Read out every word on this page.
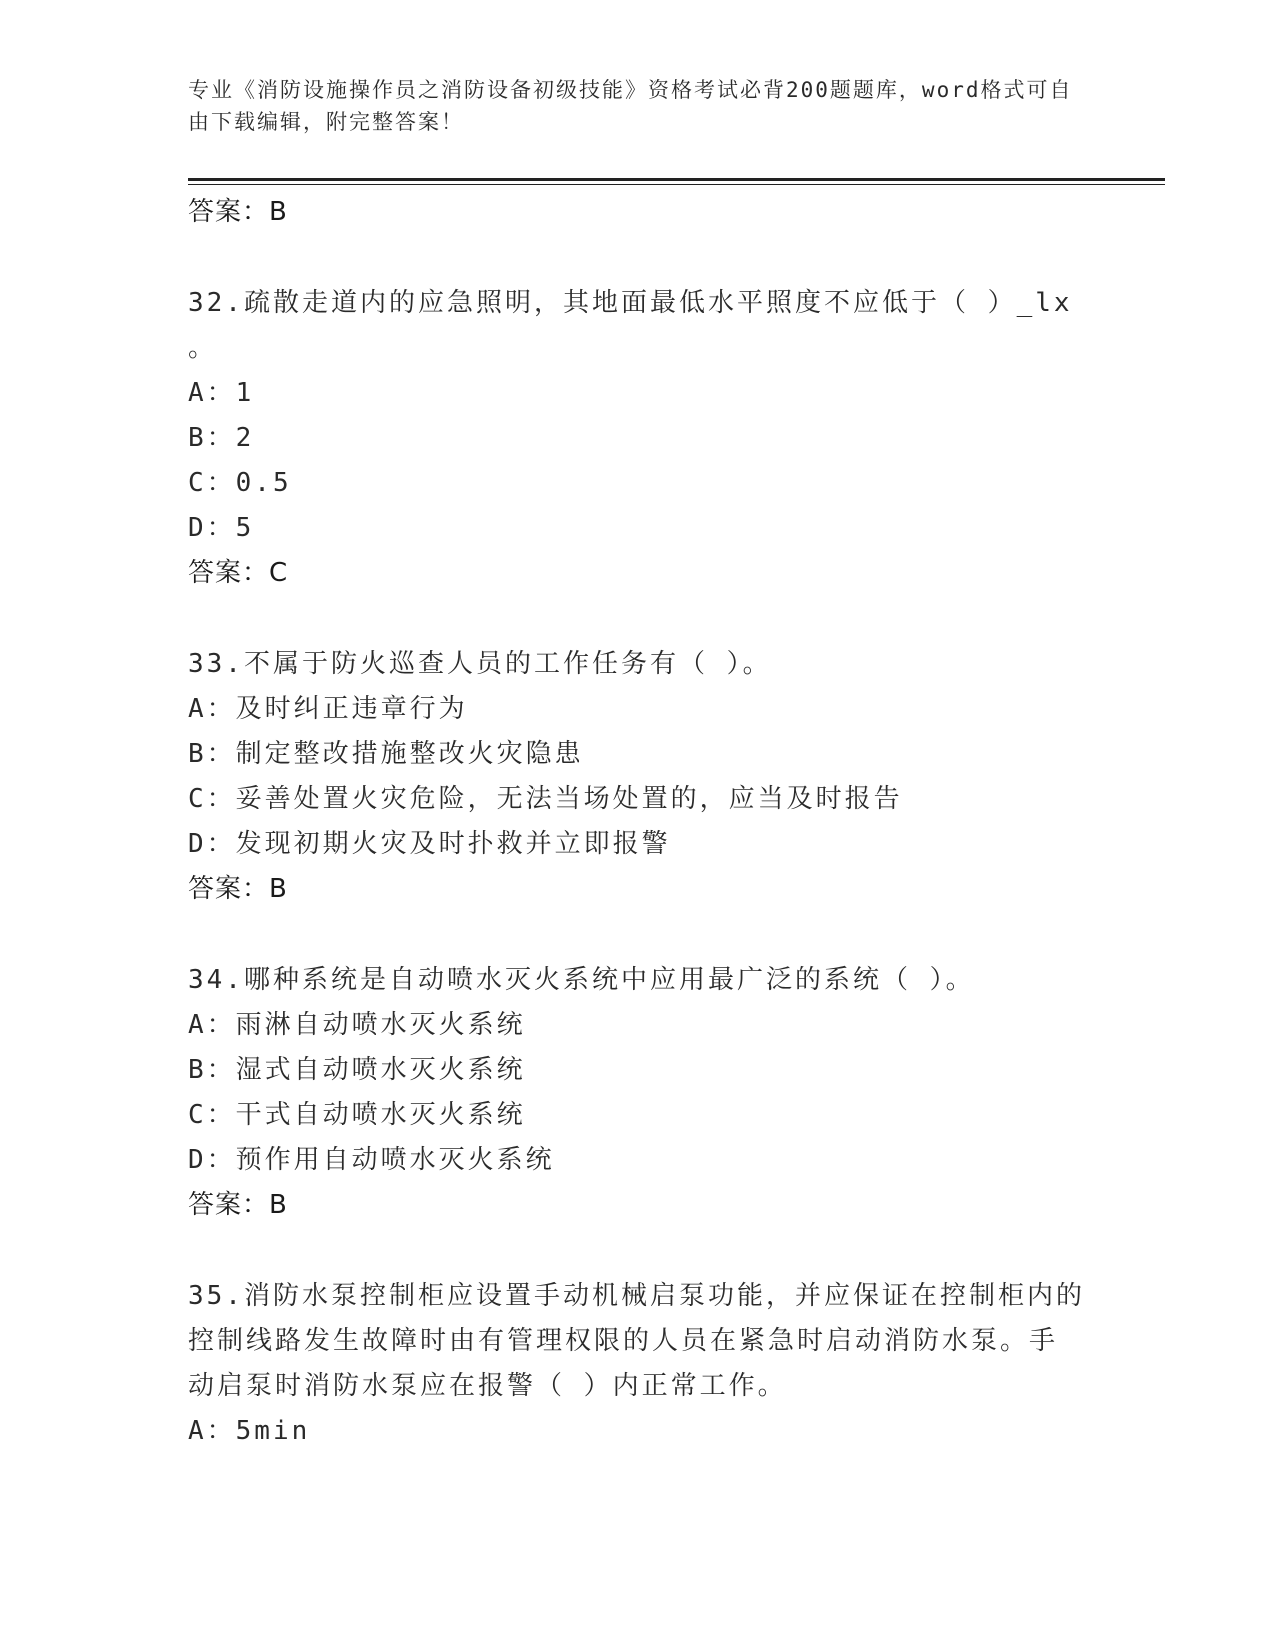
专业《消防设施操作员之消防设备初级技能》资格考试必背200题题库，word格式可自由下载编辑，附完整答案！
答案：B
32.疏散走道内的应急照明，其地面最低水平照度不应低于（ ）_lx
。
A：1
B：2
C：0.5
D：5
答案：C
33.不属于防火巡查人员的工作任务有（ ）。
A：及时纠正违章行为
B：制定整改措施整改火灾隐患
C：妥善处置火灾危险，无法当场处置的，应当及时报告
D：发现初期火灾及时扑救并立即报警
答案：B
34.哪种系统是自动喷水灭火系统中应用最广泛的系统（ ）。
A：雨淋自动喷水灭火系统
B：湿式自动喷水灭火系统
C：干式自动喷水灭火系统
D：预作用自动喷水灭火系统
答案：B
35.消防水泵控制柜应设置手动机械启泵功能，并应保证在控制柜内的
控制线路发生故障时由有管理权限的人员在紧急时启动消防水泵。手
动启泵时消防水泵应在报警（ ）内正常工作。
A：5min
